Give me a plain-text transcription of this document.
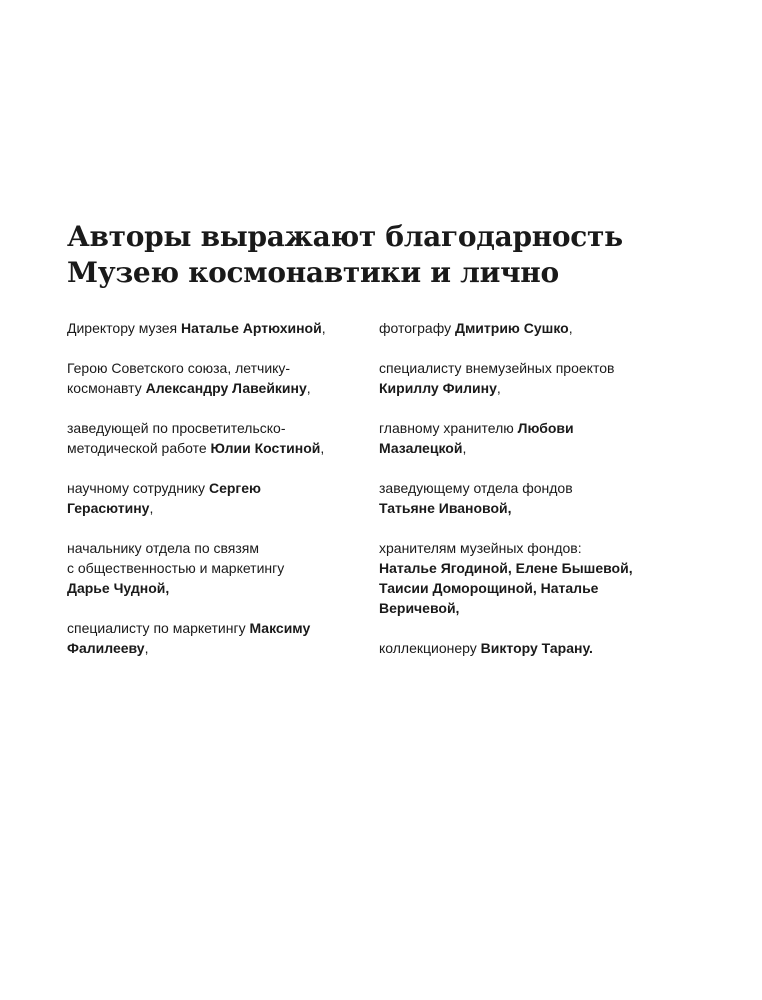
Авторы выражают благодарность
Музею космонавтики и лично

Директору музея Наталье Артюхиной,

Герою Советского союза, летчику-
космонавту Александру Лавейкину,

заведующей по просветительско-
методической работе Юлии Костиной,

научному сотруднику Сергею
Герасютину,

начальнику отдела по связям
с общественностью и маркетингу
Дарье Чудной,

специалисту по маркетингу Максиму
Фалилееву,

фотографу Дмитрию Сушко,

специалисту внемузейных проектов
Кириллу Филину,

главному хранителю Любови
Мазалецкой,

заведующему отдела фондов
Татьяне Ивановой,

хранителям музейных фондов:
Наталье Ягодиной, Елене Бышевой,
Таисии Доморощиной, Наталье
Веричевой,

коллекционеру Виктору Тарану.
